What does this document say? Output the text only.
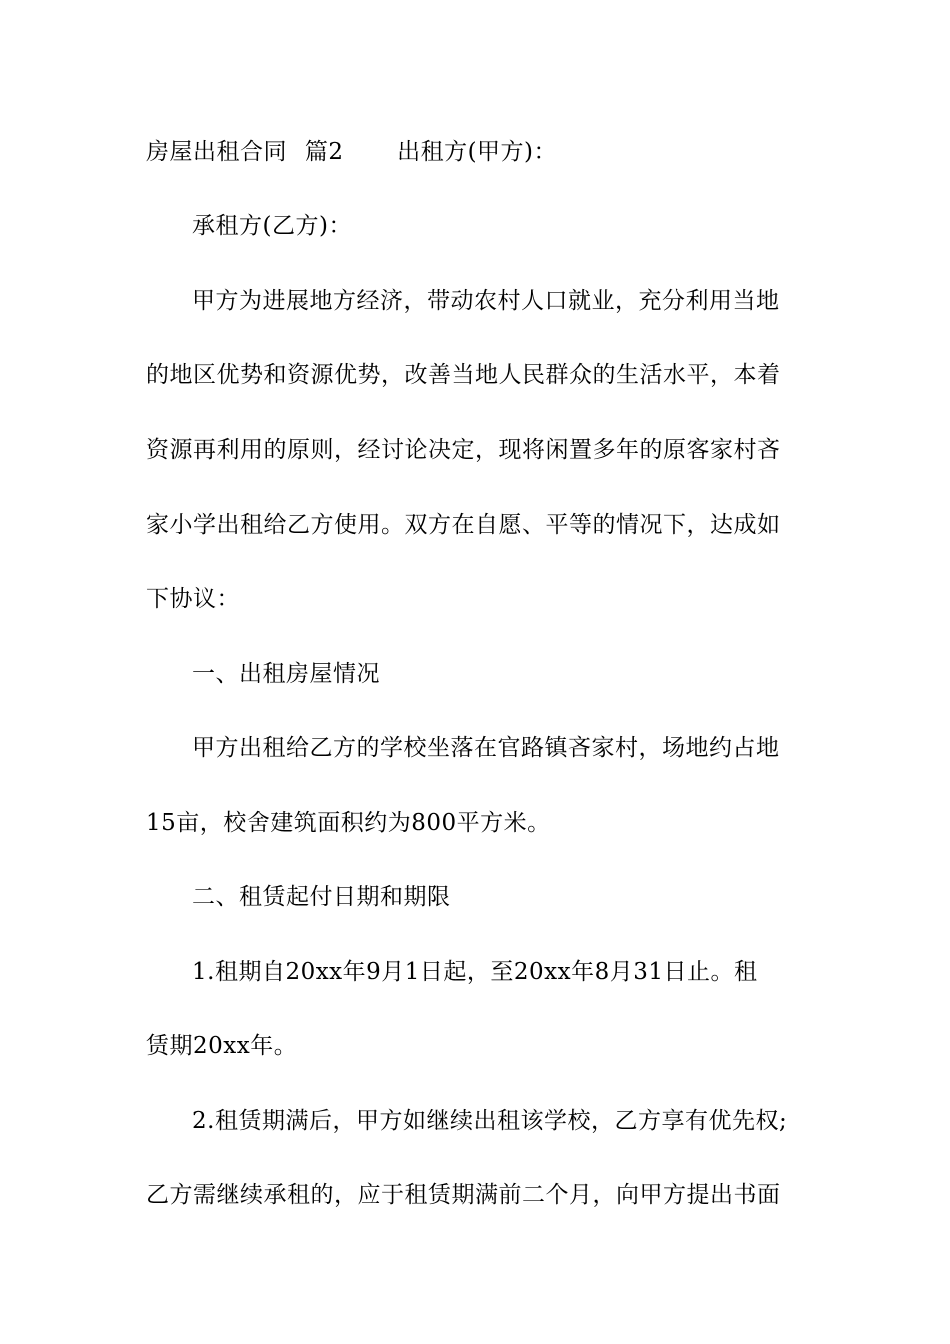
房屋出租合同 篇2 出租方(甲方)：
承租方(乙方)：
甲方为进展地方经济，带动农村人口就业，充分利用当地
的地区优势和资源优势，改善当地人民群众的生活水平，本着
资源再利用的原则，经讨论决定，现将闲置多年的原客家村吝
家小学出租给乙方使用。双方在自愿、平等的情况下，达成如
下协议：
一、出租房屋情况
甲方出租给乙方的学校坐落在官路镇吝家村，场地约占地
15亩，校舍建筑面积约为800平方米。
二、租赁起付日期和期限
1.租期自20xx年9月1日起，至20xx年8月31日止。租
赁期20xx年。
2.租赁期满后，甲方如继续出租该学校，乙方享有优先权;
乙方需继续承租的，应于租赁期满前二个月，向甲方提出书面
